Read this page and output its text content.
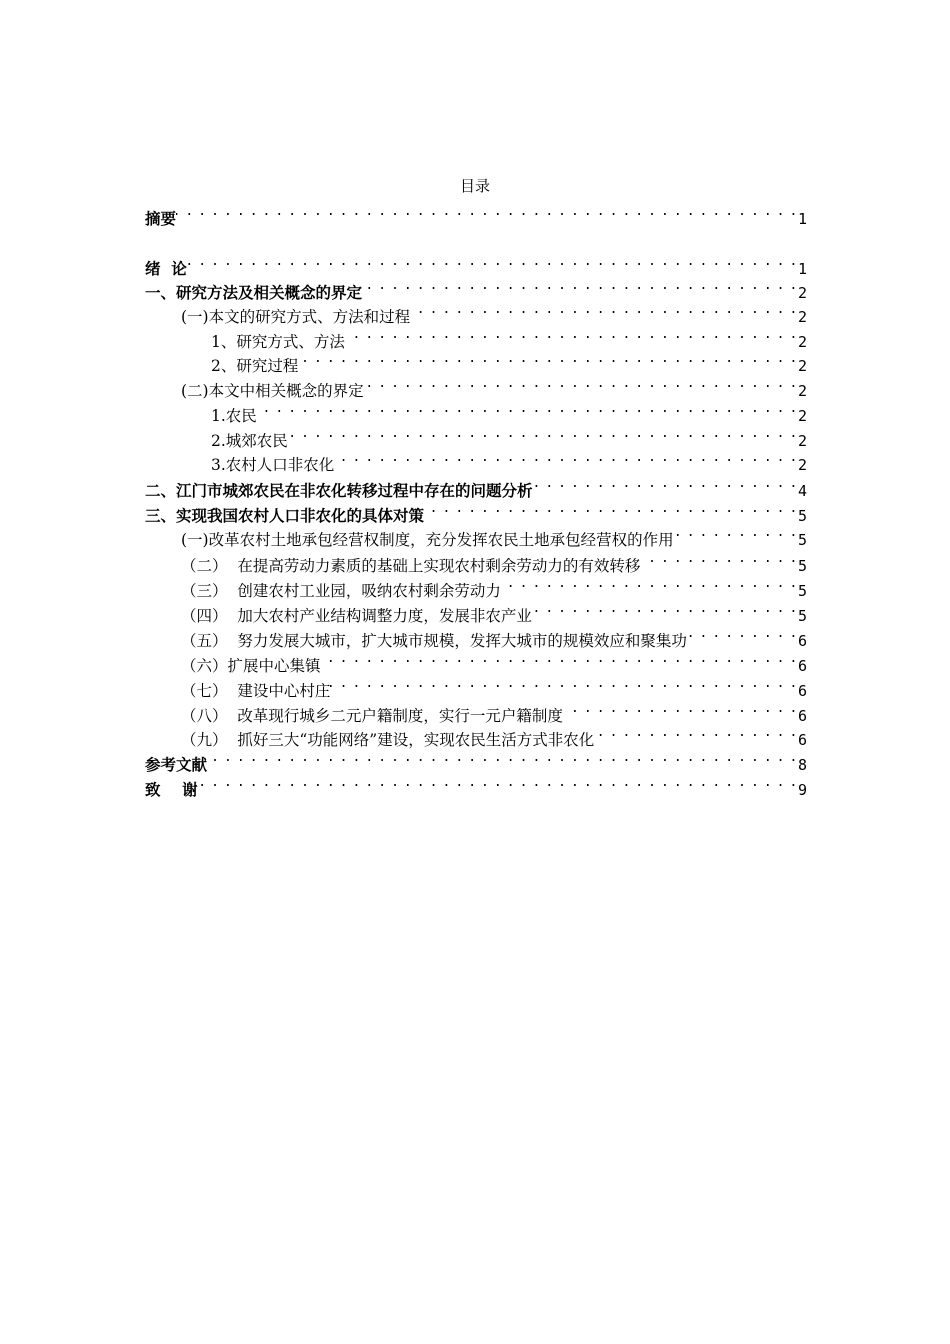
目录
摘要 . . .	1
绪  论 . . .	1
一、研究方法及相关概念的界定 . . .	2
(一)本文的研究方式、方法和过程 . . .	2
1、研究方式、方法 . . .	2
2、研究过程 . . .	2
(二)本文中相关概念的界定 . . .	2
1.农民 . . .	2
2.城郊农民 . . .	2
3.农村人口非农化 . . .	2
二、江门市城郊农民在非农化转移过程中存在的问题分析 . . .	4
三、实现我国农村人口非农化的具体对策 . . .	5
(一)改革农村土地承包经营权制度，充分发挥农民土地承包经营权的作用 . . .	5
（二）  在提高劳动力素质的基础上实现农村剩余劳动力的有效转移 . . .	5
（三）  创建农村工业园，吸纳农村剩余劳动力 . . .	5
（四）  加大农村产业结构调整力度，发展非农产业 . . .	5
（五）  努力发展大城市，扩大城市规模，发挥大城市的规模效应和聚集功 . . .	6
（六）扩展中心集镇 . . .	6
（七）  建设中心村庄 . . .	6
（八）  改革现行城乡二元户籍制度，实行一元户籍制度 . . .	6
（九）  抓好三大“功能网络”建设，实现农民生活方式非农化 . . .	6
参考文献 . . .	8
致    谢 . . .	9
